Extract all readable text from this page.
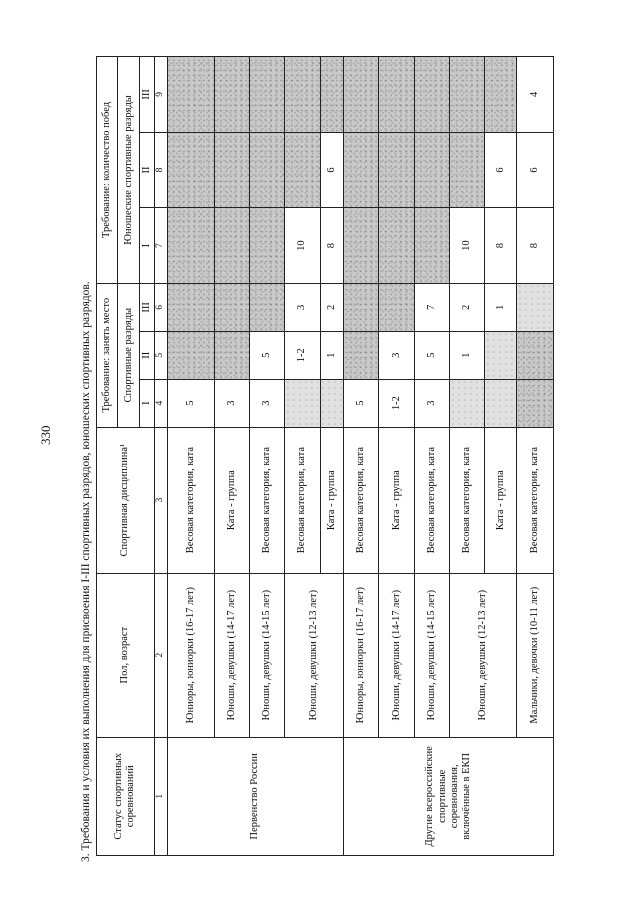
330 3. Требования и условия их выполнения для присвоения I-III спортивных разрядов, юношеских спортивных разрядов. Статус спортивных соревнований	Пол, возраст	Спортивная дисциплина¹	Требование: занять место			Требование: количество побед		
			Спортивные разряды			Юношеские спортивные разряды		
			I	II	III	I	II	III
1	2	3	4	5	6	7	8	9
Первенство России	Юниоры, юниорки (16-17 лет)	Весовая категория, ката	5					
	Юноши, девушки (14-17 лет)	Ката - группа	3					
	Юноши, девушки (14-15 лет)	Весовая категория, ката	3	5				
	Юноши, девушки (12-13 лет)	Весовая категория, ката		1-2	3	10		
		Ката - группа		1	2	8	6	
Другие всероссийские спортивные соревнования, включённые в ЕКП	Юниоры, юниорки (16-17 лет)	Весовая категория, ката	5					
	Юноши, девушки (14-17 лет)	Ката - группа	1-2	3				
	Юноши, девушки (14-15 лет)	Весовая категория, ката	3	5	7			
	Юноши, девушки (12-13 лет)	Весовая категория, ката		1	2	10		
		Ката - группа			1	8	6	
	Мальчики, девочки (10-11 лет)	Весовая категория, ката				8	6	4
